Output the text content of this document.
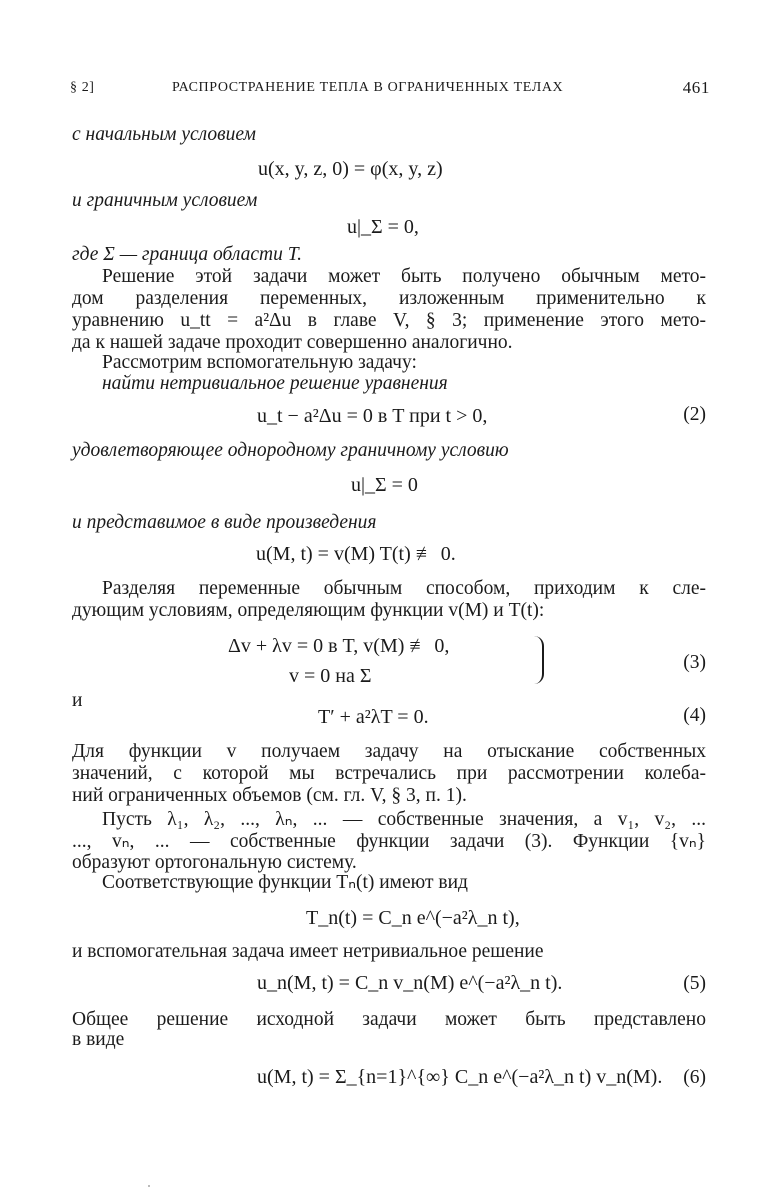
§ 2]	РАСПРОСТРАНЕНИЕ ТЕПЛА В ОГРАНИЧЕННЫХ ТЕЛАХ	461
с начальным условием
u(x, y, z, 0) = φ(x, y, z)
и граничным условием
u|_Σ = 0,
где Σ — граница области T.
Решение этой задачи может быть получено обычным мето-
дом разделения переменных, изложенным применительно к
уравнению u_tt = a²Δu в главе V, § 3; применение этого мето-
да к нашей задаче проходит совершенно аналогично.
Рассмотрим вспомогательную задачу:
найти нетривиальное решение уравнения
u_t − a²Δu = 0 в T при t > 0,	(2)
удовлетворяющее однородному граничному условию
u|_Σ = 0
и представимое в виде произведения
u(M, t) = v(M) T(t) ≢ 0.
Разделяя переменные обычным способом, приходим к сле-
дующим условиям, определяющим функции v(M) и T(t):
Δv + λv = 0 в T, v(M) ≢ 0,
v = 0 на Σ
(3)
и
T′ + a²λT = 0.	(4)
Для функции v получаем задачу на отыскание собственных
значений, с которой мы встречались при рассмотрении колеба-
ний ограниченных объемов (см. гл. V, § 3, п. 1).
Пусть λ₁, λ₂, ..., λₙ, ... — собственные значения, а v₁, v₂, ...
..., vₙ, ... — собственные функции задачи (3). Функции {vₙ}
образуют ортогональную систему.
Соответствующие функции Tₙ(t) имеют вид
T_n(t) = C_n e^(−a²λ_n t),
и вспомогательная задача имеет нетривиальное решение
u_n(M, t) = C_n v_n(M) e^(−a²λ_n t).	(5)
Общее решение исходной задачи может быть представлено
в виде
u(M, t) = Σ_{n=1}^{∞} C_n e^(−a²λ_n t) v_n(M). (6)
